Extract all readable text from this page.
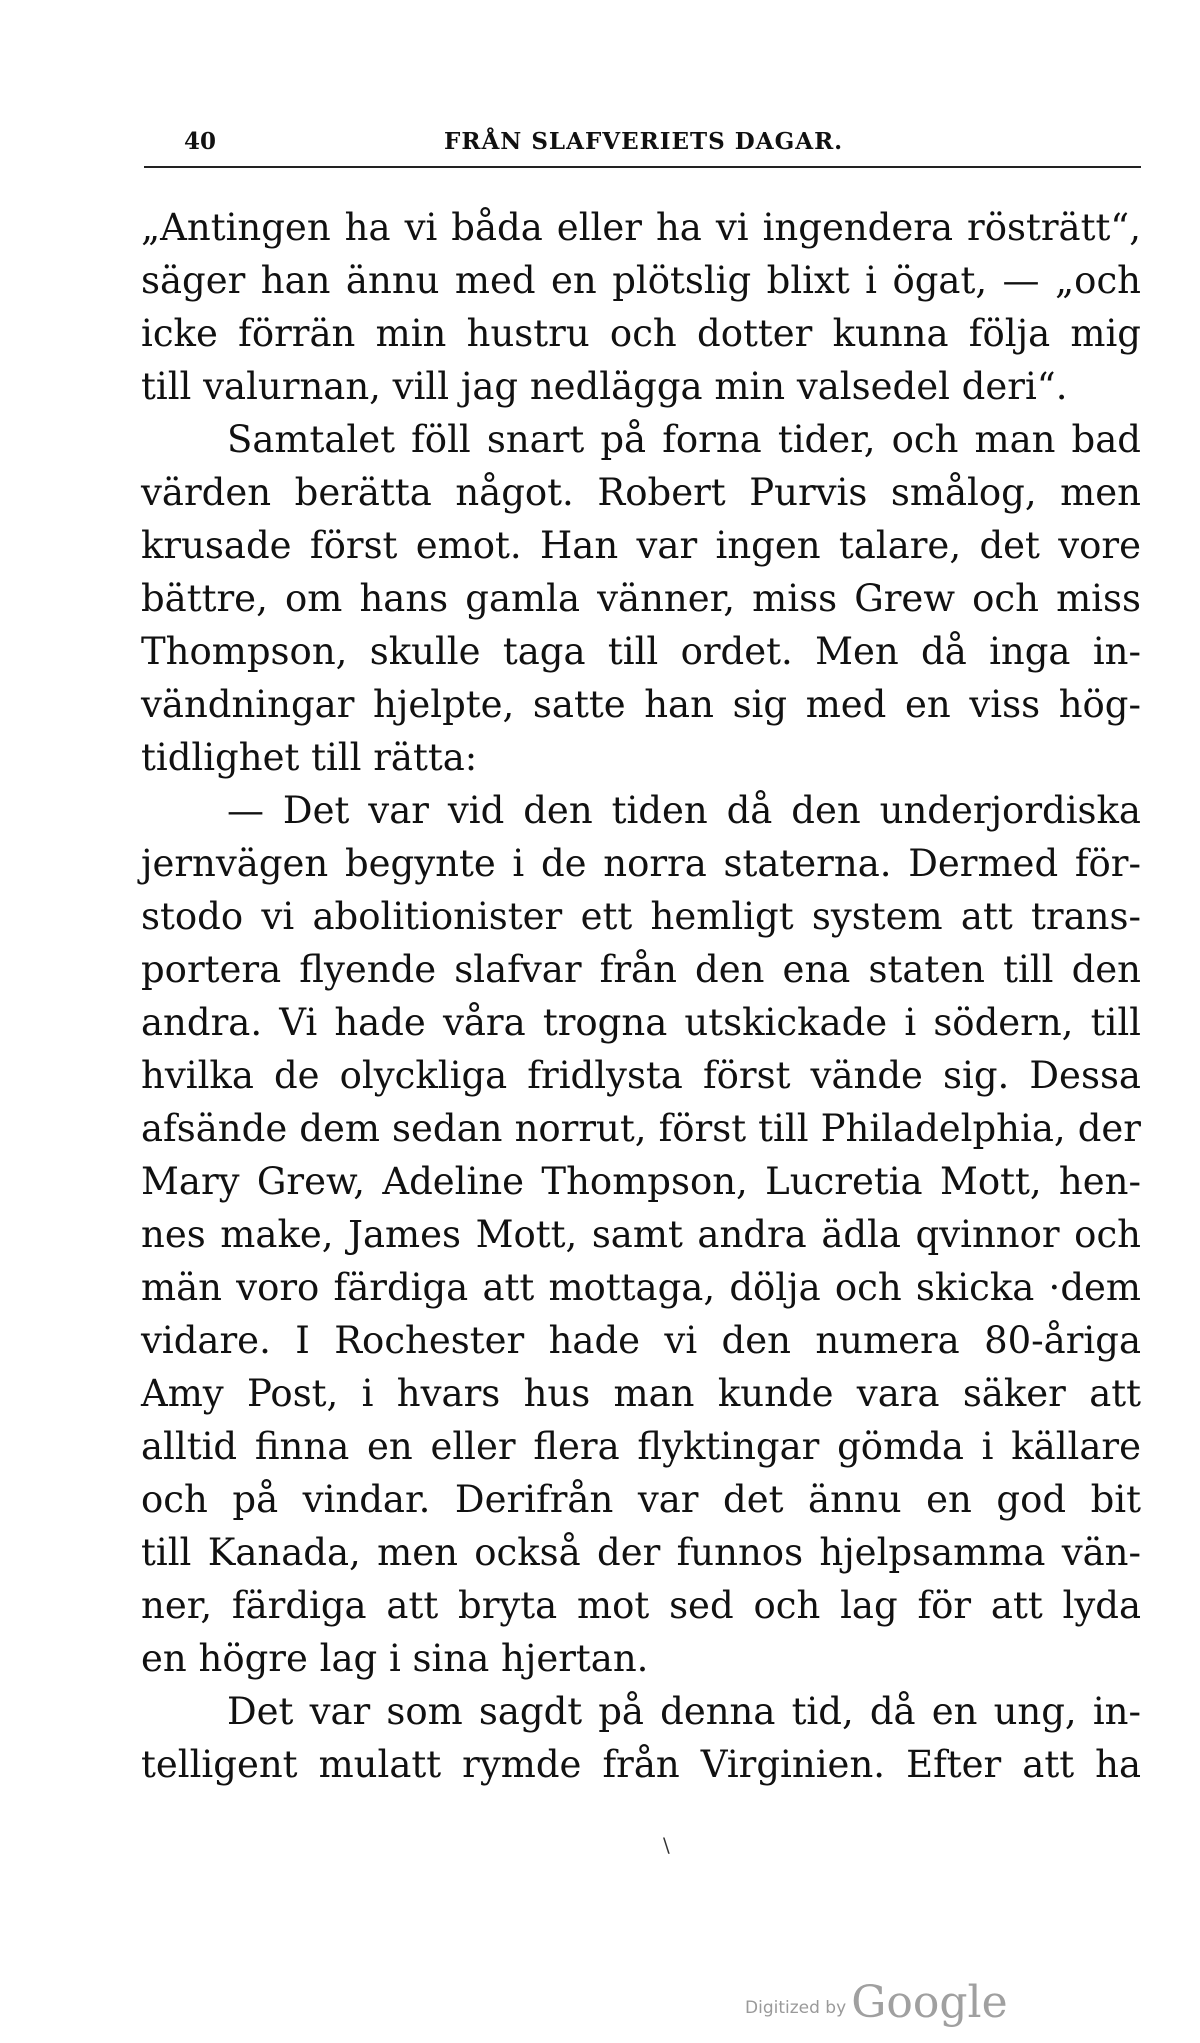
40	FRÅN SLAFVERIETS DAGAR.
„Antingen ha vi båda eller ha vi ingendera rösträtt“,
säger han ännu med en plötslig blixt i ögat, — „och
icke förrän min hustru och dotter kunna följa mig
till valurnan, vill jag nedlägga min valsedel deri“.
Samtalet föll snart på forna tider, och man bad
värden berätta något. Robert Purvis smålog, men
krusade först emot. Han var ingen talare, det vore
bättre, om hans gamla vänner, miss Grew och miss
Thompson, skulle taga till ordet. Men då inga in-
vändningar hjelpte, satte han sig med en viss hög-
tidlighet till rätta:
— Det var vid den tiden då den underjordiska
jernvägen begynte i de norra staterna. Dermed för-
stodo vi abolitionister ett hemligt system att trans-
portera flyende slafvar från den ena staten till den
andra. Vi hade våra trogna utskickade i södern, till
hvilka de olyckliga fridlysta först vände sig. Dessa
afsände dem sedan norrut, först till Philadelphia, der
Mary Grew, Adeline Thompson, Lucretia Mott, hen-
nes make, James Mott, samt andra ädla qvinnor och
män voro färdiga att mottaga, dölja och skicka ·dem
vidare. I Rochester hade vi den numera 80-åriga
Amy Post, i hvars hus man kunde vara säker att
alltid finna en eller flera flyktingar gömda i källare
och på vindar. Derifrån var det ännu en god bit
till Kanada, men också der funnos hjelpsamma vän-
ner, färdiga att bryta mot sed och lag för att lyda
en högre lag i sina hjertan.
Det var som sagdt på denna tid, då en ung, in-
telligent mulatt rymde från Virginien. Efter att ha
\
Digitized by Google
